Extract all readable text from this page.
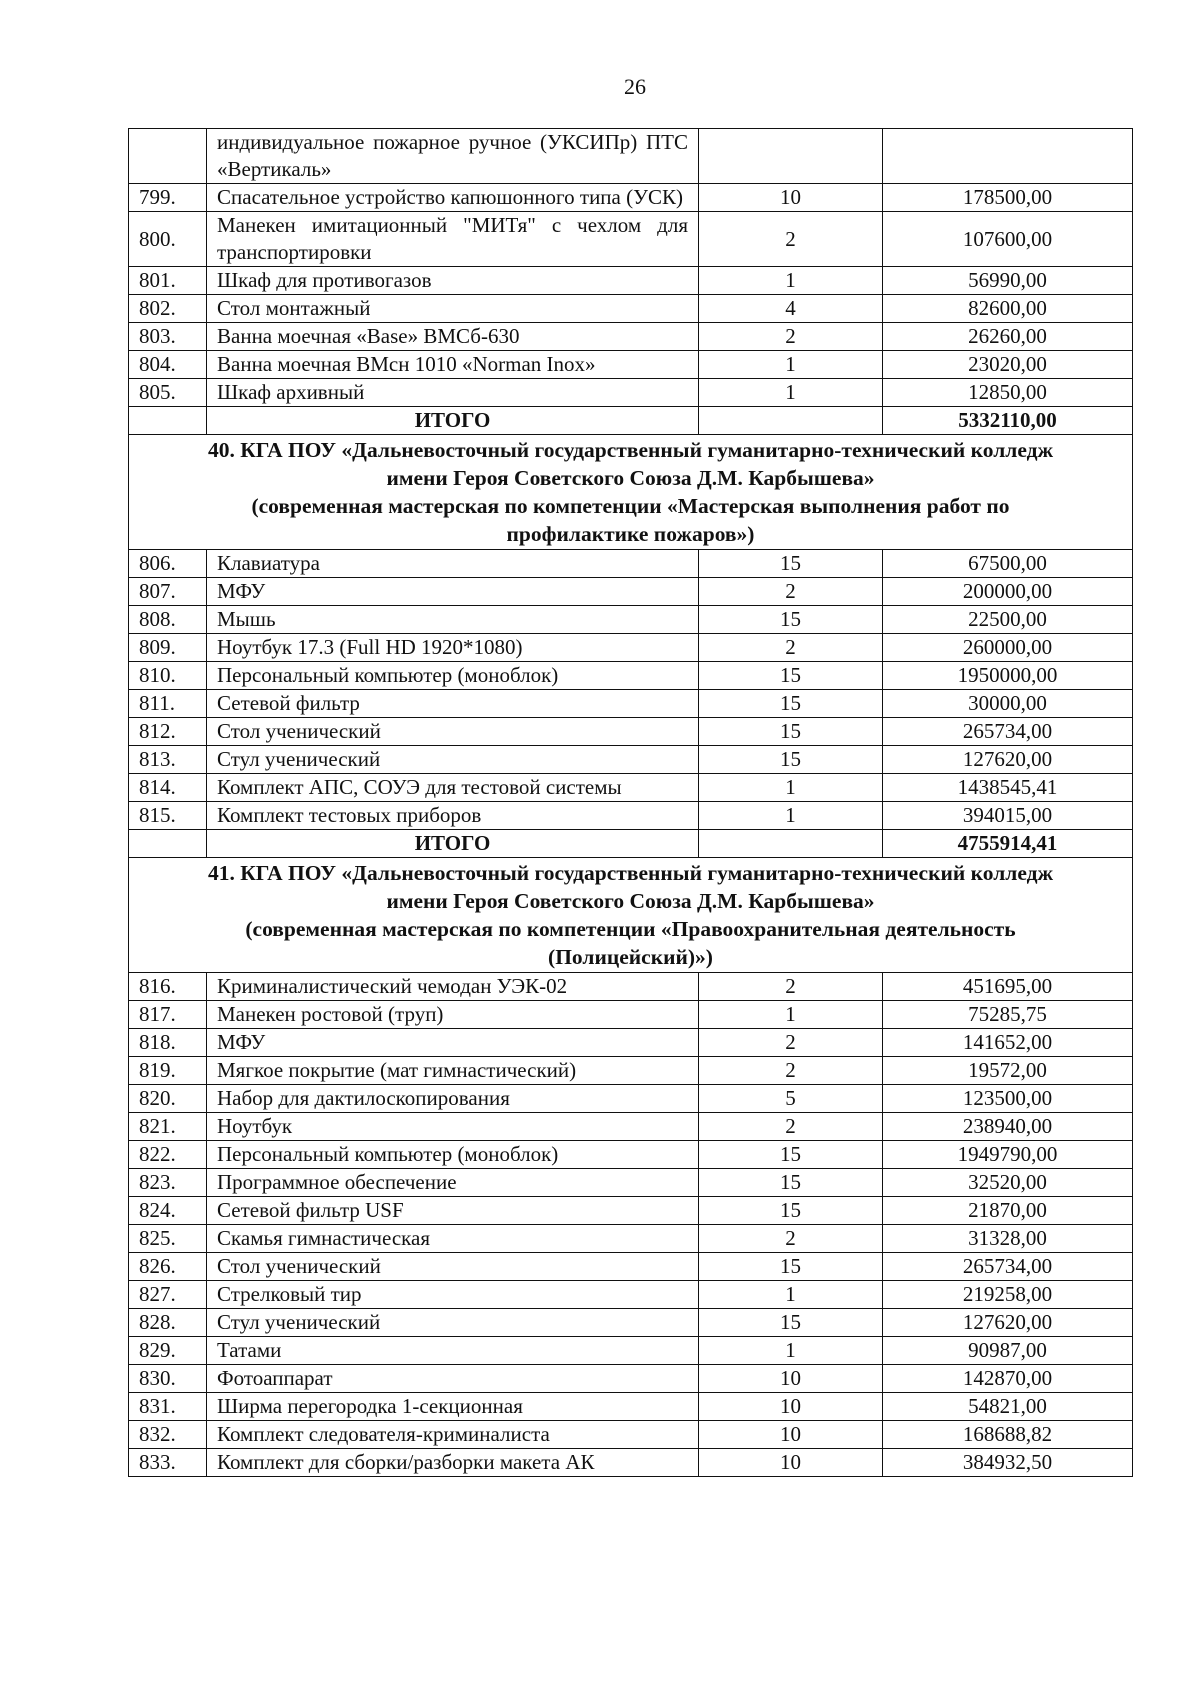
26
	индивидуальное пожарное ручное (УКСИПр) ПТС «Вертикаль»		
799.	Спасательное устройство капюшонного типа (УСК)	10	178500,00
800.	Манекен имитационный "МИТя" с чехлом для транспортировки	2	107600,00
801.	Шкаф для противогазов	1	56990,00
802.	Стол монтажный	4	82600,00
803.	Ванна моечная «Base» ВМСб-630	2	26260,00
804.	Ванна моечная ВМсн 1010 «Norman Inox»	1	23020,00
805.	Шкаф архивный	1	12850,00
	ИТОГО		5332110,00

40. КГА ПОУ «Дальневосточный государственный гуманитарно-технический колледж
имени Героя Советского Союза Д.М. Карбышева»
(современная мастерская по компетенции «Мастерская выполнения работ по
профилактике пожаров»)			

806.	Клавиатура	15	67500,00
807.	МФУ	2	200000,00
808.	Мышь	15	22500,00
809.	Ноутбук 17.3 (Full HD 1920*1080)	2	260000,00
810.	Персональный компьютер (моноблок)	15	1950000,00
811.	Сетевой фильтр	15	30000,00
812.	Стол ученический	15	265734,00
813.	Стул ученический	15	127620,00
814.	Комплект АПС, СОУЭ для тестовой системы	1	1438545,41
815.	Комплект тестовых приборов	1	394015,00
	ИТОГО		4755914,41

41. КГА ПОУ «Дальневосточный государственный гуманитарно-технический колледж
имени Героя Советского Союза Д.М. Карбышева»
(современная мастерская по компетенции «Правоохранительная деятельность
(Полицейский)»)			

816.	Криминалистический чемодан УЭК-02	2	451695,00
817.	Манекен ростовой (труп)	1	75285,75
818.	МФУ	2	141652,00
819.	Мягкое покрытие (мат гимнастический)	2	19572,00
820.	Набор для дактилоскопирования	5	123500,00
821.	Ноутбук	2	238940,00
822.	Персональный компьютер (моноблок)	15	1949790,00
823.	Программное обеспечение	15	32520,00
824.	Сетевой фильтр USF	15	21870,00
825.	Скамья гимнастическая	2	31328,00
826.	Стол ученический	15	265734,00
827.	Стрелковый тир	1	219258,00
828.	Стул ученический	15	127620,00
829.	Татами	1	90987,00
830.	Фотоаппарат	10	142870,00
831.	Ширма перегородка 1-секционная	10	54821,00
832.	Комплект следователя-криминалиста	10	168688,82
833.	Комплект для сборки/разборки макета АК	10	384932,50
